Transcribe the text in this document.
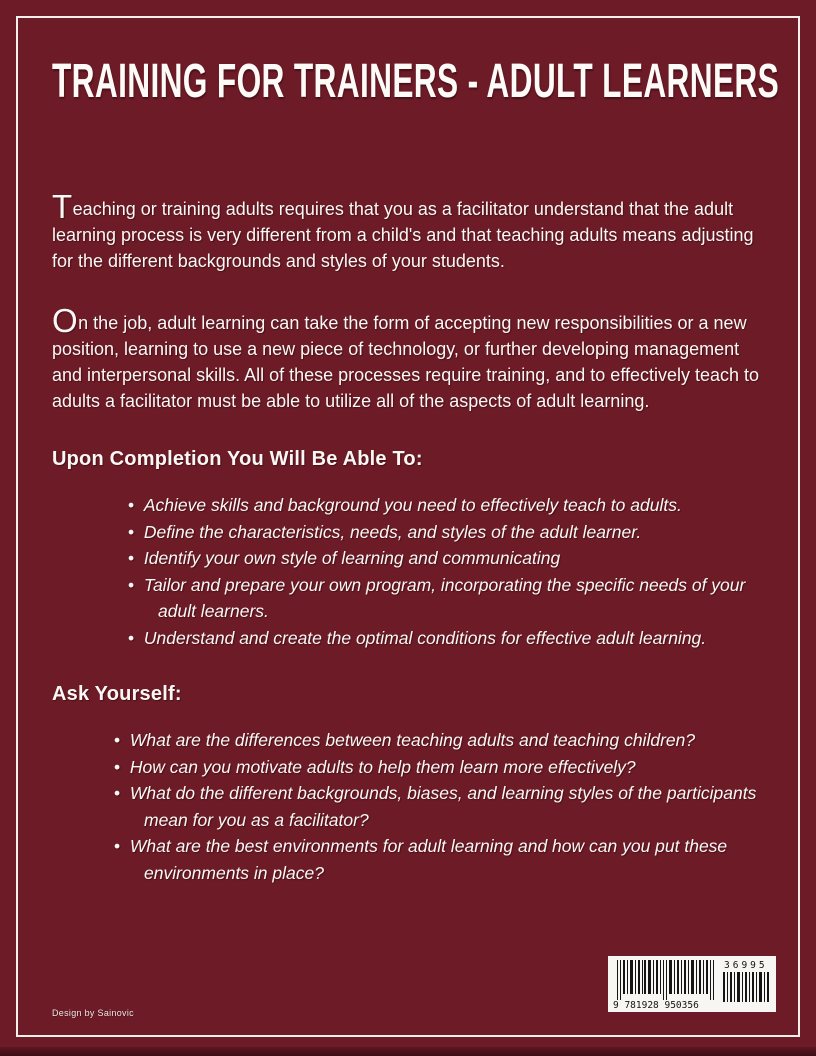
TRAINING FOR TRAINERS - ADULT LEARNERS

Teaching or training adults requires that you as a facilitator understand that the adult learning process is very different from a child's and that teaching adults means adjusting for the different backgrounds and styles of your students.

On the job, adult learning can take the form of accepting new responsibilities or a new position, learning to use a new piece of technology, or further developing management and interpersonal skills. All of these processes require training, and to effectively teach to adults a facilitator must be able to utilize all of the aspects of adult learning.

Upon Completion You Will Be Able To:
•  Achieve skills and background you need to effectively teach to adults.
•  Define the characteristics, needs, and styles of the adult learner.
•  Identify your own style of learning and communicating
•  Tailor and prepare your own program, incorporating the specific needs of your adult learners.
•  Understand and create the optimal conditions for effective adult learning.
Ask Yourself:
•  What are the differences between teaching adults and teaching children?
•  How can you motivate adults to help them learn more effectively?
•  What do the different backgrounds, biases, and learning styles of the participants mean for you as a facilitator?
•  What are the best environments for adult learning and how can you put these environments in place?
9 781928 950356
36995
Design by Sainovic
